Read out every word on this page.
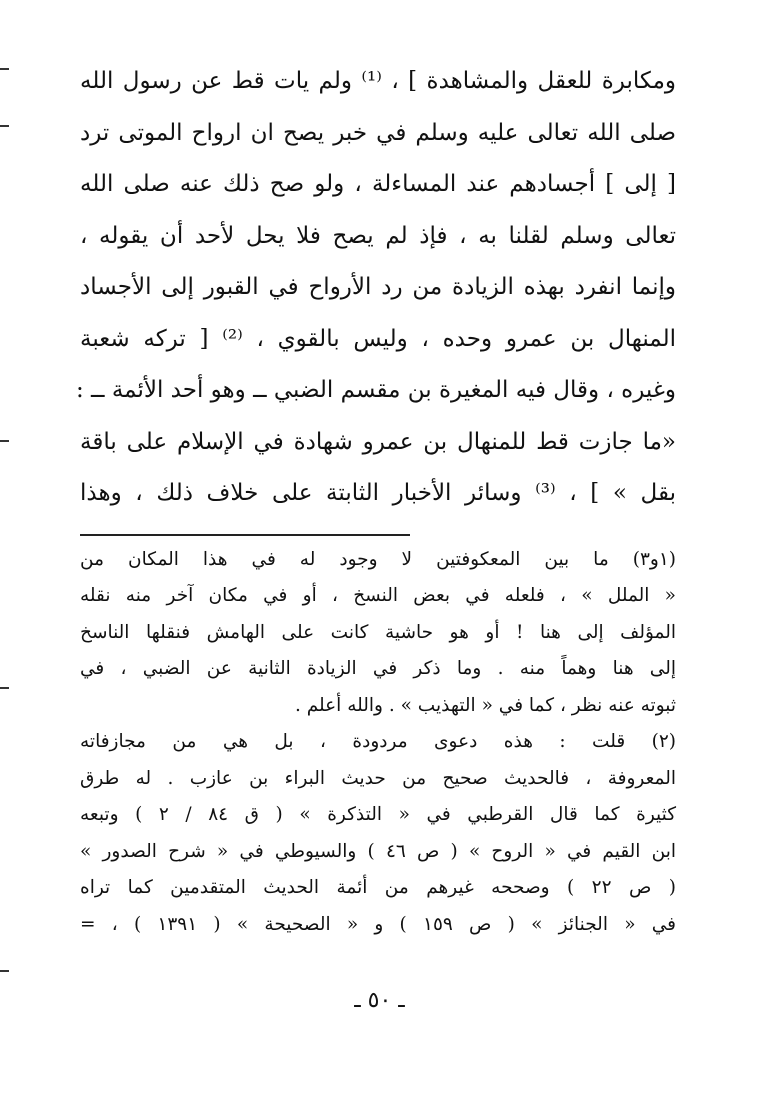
ومكابرة للعقل والمشاهدة ] ، ⁽¹⁾ ولم يات قط عن رسول الله
صلى الله تعالى عليه وسلم في خبر يصح ان ارواح الموتى ترد
[ إلى ] أجسادهم عند المساءلة ، ولو صح ذلك عنه صلى الله
تعالى وسلم لقلنا به ، فإذ لم يصح فلا يحل لأحد أن يقوله ،
وإنما انفرد بهذه الزيادة من رد الأرواح في القبور إلى الأجساد
المنهال بن عمرو وحده ، وليس بالقوي ، ⁽²⁾ [ تركه شعبة
وغيره ، وقال فيه المغيرة بن مقسم الضبي ــ وهو أحد الأئمة ــ :
«ما جازت قط للمنهال بن عمرو شهادة في الإسلام على باقة
بقل » ] ، ⁽³⁾ وسائر الأخبار الثابتة على خلاف ذلك ، وهذا
(١و٣) ما بين المعكوفتين لا وجود له في هذا المكان من
« الملل » ، فلعله في بعض النسخ ، أو في مكان آخر منه نقله
المؤلف إلى هنا ! أو هو حاشية كانت على الهامش فنقلها الناسخ
إلى هنا وهماً منه . وما ذكر في الزيادة الثانية عن الضبي ، في
ثبوته عنه نظر ، كما في « التهذيب » . والله أعلم .
(٢) قلت : هذه دعوى مردودة ، بل هي من مجازفاته
المعروفة ، فالحديث صحيح من حديث البراء بن عازب . له طرق
كثيرة كما قال القرطبي في « التذكرة » ( ق ٨٤ / ٢ ) وتبعه
ابن القيم في « الروح » ( ص ٤٦ ) والسيوطي في « شرح الصدور »
( ص ٢٢ ) وصححه غيرهم من أئمة الحديث المتقدمين كما تراه
في « الجنائز » ( ص ١٥٩ ) و « الصحيحة » ( ١٣٩١ ) ، =
ـ ٥٠ ـ
